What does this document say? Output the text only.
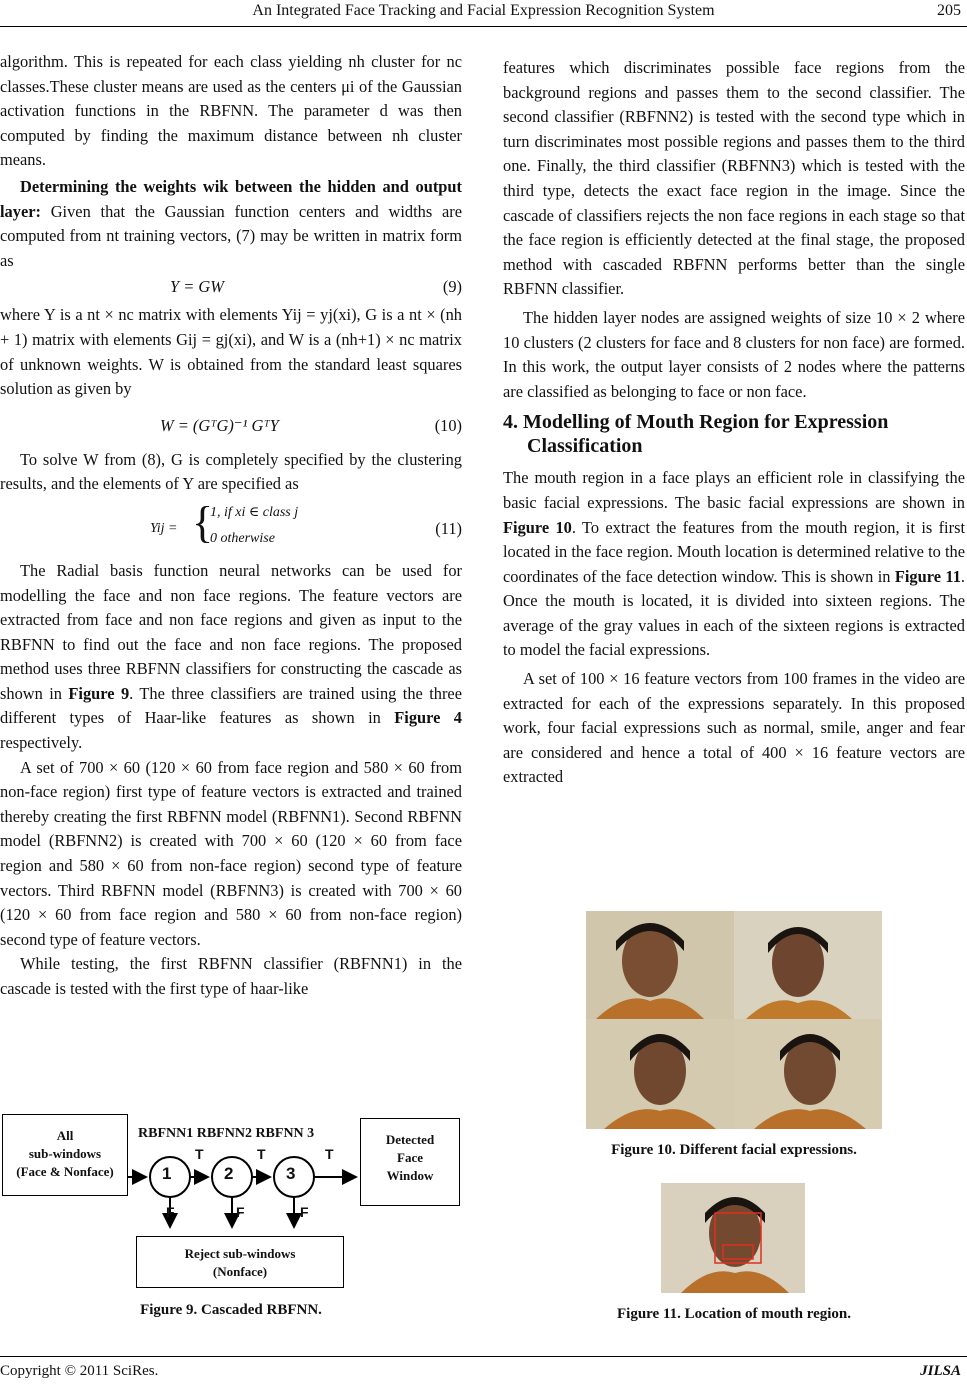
An Integrated Face Tracking and Facial Expression Recognition System	205

algorithm. This is repeated for each class yielding nh cluster for nc classes.These cluster means are used as the centers μi of the Gaussian activation functions in the RBFNN. The parameter d was then computed by finding the maximum distance between nh cluster means.

Determining the weights wik between the hidden and output layer: Given that the Gaussian function centers and widths are computed from nt training vectors, (7) may be written in matrix form as

Y = GW	(9)

where Y is a nt × nc matrix with elements Yij = yj(xi), G is a nt × (nh + 1) matrix with elements Gij = gj(xi), and W is a (nh+1) × nc matrix of unknown weights. W is obtained from the standard least squares solution as given by

W = (GᵀG)⁻¹ GᵀY	(10)

To solve W from (8), G is completely specified by the clustering results, and the elements of Y are specified as

Yij = {
1, if xi ∈ class j
0 otherwise
(11)

The Radial basis function neural networks can be used for modelling the face and non face regions. The feature vectors are extracted from face and non face regions and given as input to the RBFNN to find out the face and non face regions. The proposed method uses three RBFNN classifiers for constructing the cascade as shown in Figure 9. The three classifiers are trained using the three different types of Haar-like features as shown in Figure 4 respectively.

A set of 700 × 60 (120 × 60 from face region and 580 × 60 from non-face region) first type of feature vectors is extracted and trained thereby creating the first RBFNN model (RBFNN1). Second RBFNN model (RBFNN2) is created with 700 × 60 (120 × 60 from face region and 580 × 60 from non-face region) second type of feature vectors. Third RBFNN model (RBFNN3) is created with 700 × 60 (120 × 60 from face region and 580 × 60 from non-face region) second type of feature vectors.

While testing, the first RBFNN classifier (RBFNN1) in the cascade is tested with the first type of haar-like

All
sub-windows
(Face & Nonface)
RBFNN1 RBFNN2 RBFNN 3
1	2	3
T	T	T
F	F	F
Detected
Face
Window
Reject sub-windows
(Nonface)
Figure 9. Cascaded RBFNN.

features which discriminates possible face regions from the background regions and passes them to the second classifier. The second classifier (RBFNN2) is tested with the second type which in turn discriminates most possible regions and passes them to the third one. Finally, the third classifier (RBFNN3) which is tested with the third type, detects the exact face region in the image. Since the cascade of classifiers rejects the non face regions in each stage so that the face region is efficiently detected at the final stage, the proposed method with cascaded RBFNN performs better than the single RBFNN classifier.

The hidden layer nodes are assigned weights of size 10 × 2 where 10 clusters (2 clusters for face and 8 clusters for non face) are formed. In this work, the output layer consists of 2 nodes where the patterns are classified as belonging to face or non face.

4. Modelling of Mouth Region for Expression
Classification

The mouth region in a face plays an efficient role in classifying the basic facial expressions. The basic facial expressions are shown in Figure 10. To extract the features from the mouth region, it is first located in the face region. Mouth location is determined relative to the coordinates of the face detection window. This is shown in Figure 11. Once the mouth is located, it is divided into sixteen regions. The average of the gray values in each of the sixteen regions is extracted to model the facial expressions.

A set of 100 × 16 feature vectors from 100 frames in the video are extracted for each of the expressions separately. In this proposed work, four facial expressions such as normal, smile, anger and fear are considered and hence a total of 400 × 16 feature vectors are extracted

Figure 10. Different facial expressions.
Figure 11. Location of mouth region.
Copyright © 2011 SciRes.	JILSA
